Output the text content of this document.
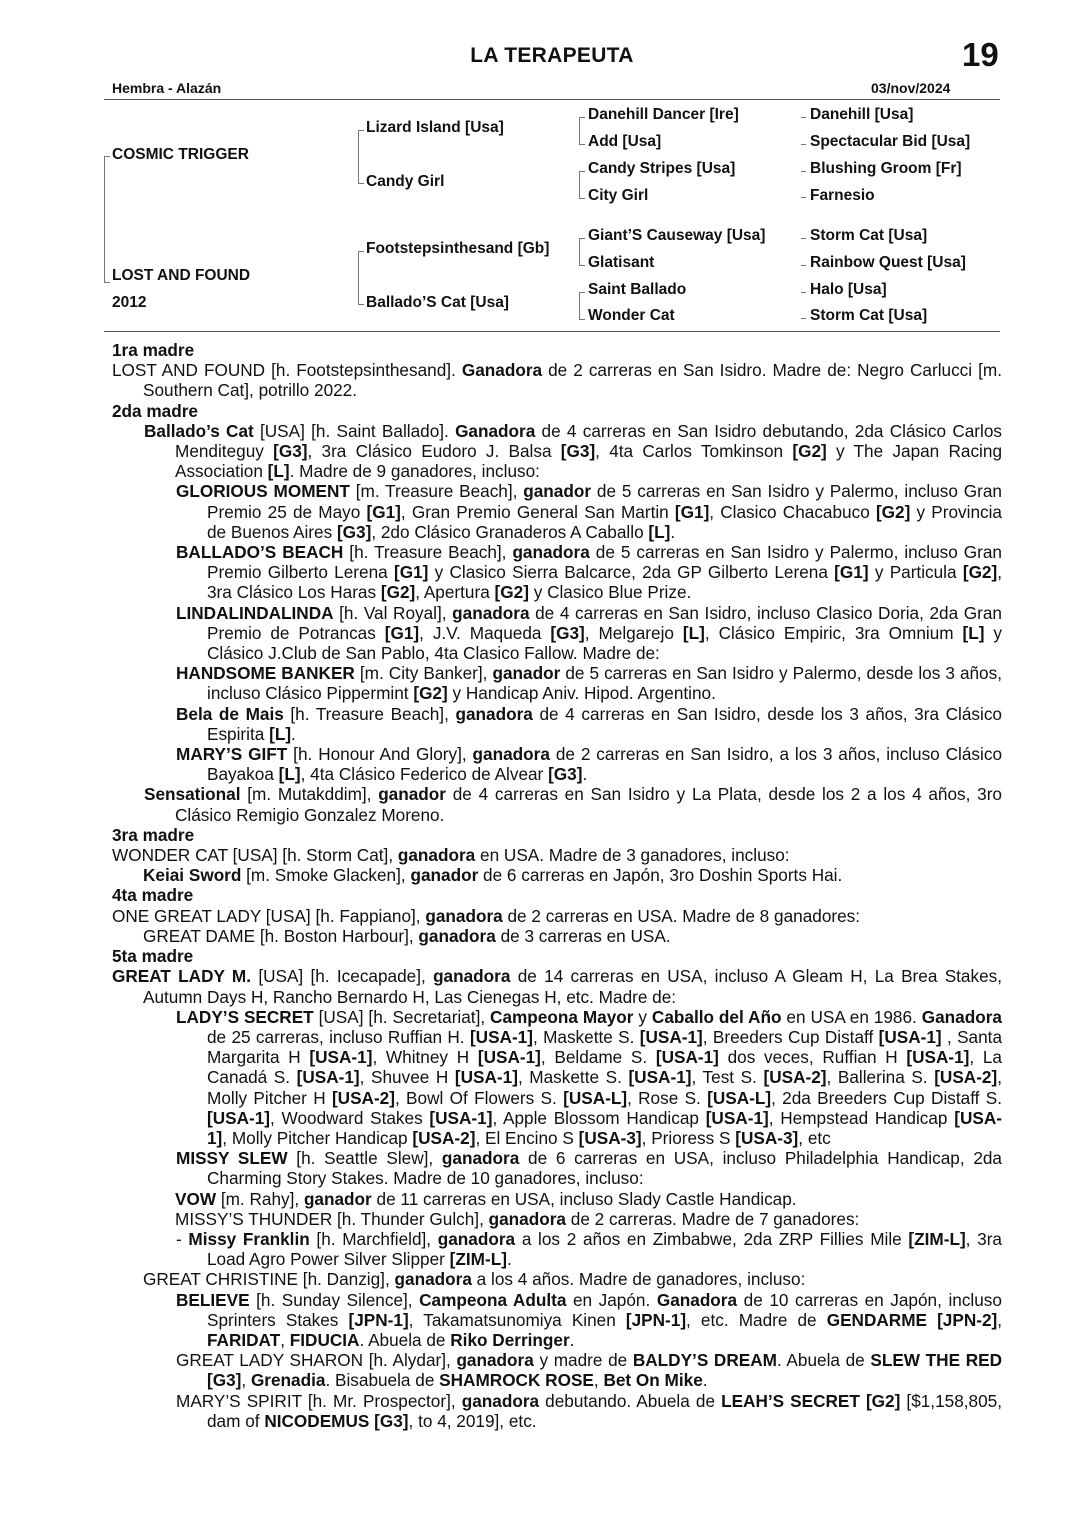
LA TERAPEUTA	19
Hembra - Alazán	03/nov/2024
COSMIC TRIGGER
LOST AND FOUND
2012
Lizard Island [Usa]
Candy Girl
Footstepsinthesand [Gb]
Ballado’S Cat [Usa]
Danehill Dancer [Ire]
Add [Usa]
Candy Stripes [Usa]
City Girl
Giant’S Causeway [Usa]
Glatisant
Saint Ballado
Wonder Cat
Danehill [Usa]
Spectacular Bid [Usa]
Blushing Groom [Fr]
Farnesio
Storm Cat [Usa]
Rainbow Quest [Usa]
Halo [Usa]
Storm Cat [Usa]

1ra madre

LOST AND FOUND [h. Footstepsinthesand]. Ganadora de 2 carreras en San Isidro. Madre de: Negro Carlucci [m. Southern Cat], potrillo 2022.

2da madre

Ballado’s Cat [USA] [h. Saint Ballado]. Ganadora de 4 carreras en San Isidro debutando, 2da Clásico Carlos Menditeguy [G3], 3ra Clásico Eudoro J. Balsa [G3], 4ta Carlos Tomkinson [G2] y The Japan Racing Association [L]. Madre de 9 ganadores, incluso:

GLORIOUS MOMENT [m. Treasure Beach], ganador de 5 carreras en San Isidro y Palermo, incluso Gran Premio 25 de Mayo [G1], Gran Premio General San Martin [G1], Clasico Chacabuco [G2] y Provincia de Buenos Aires [G3], 2do Clásico Granaderos A Caballo [L].

BALLADO’S BEACH [h. Treasure Beach], ganadora de 5 carreras en San Isidro y Palermo, incluso Gran Premio Gilberto Lerena [G1] y Clasico Sierra Balcarce, 2da GP Gilberto Lerena [G1] y Particula [G2], 3ra Clásico Los Haras [G2], Apertura [G2] y Clasico Blue Prize.

LINDALINDALINDA [h. Val Royal], ganadora de 4 carreras en San Isidro, incluso Clasico Doria, 2da Gran Premio de Potrancas [G1], J.V. Maqueda [G3], Melgarejo [L], Clásico Empiric, 3ra Omnium [L] y Clásico J.Club de San Pablo, 4ta Clasico Fallow. Madre de:

HANDSOME BANKER [m. City Banker], ganador de 5 carreras en San Isidro y Palermo, desde los 3 años, incluso Clásico Pippermint [G2] y Handicap Aniv. Hipod. Argentino.

Bela de Mais [h. Treasure Beach], ganadora de 4 carreras en San Isidro, desde los 3 años, 3ra Clásico Espirita [L].

MARY’S GIFT [h. Honour And Glory], ganadora de 2 carreras en San Isidro, a los 3 años, incluso Clásico Bayakoa [L], 4ta Clásico Federico de Alvear [G3].

Sensational [m. Mutakddim], ganador de 4 carreras en San Isidro y La Plata, desde los 2 a los 4 años, 3ro Clásico Remigio Gonzalez Moreno.

3ra madre

WONDER CAT [USA] [h. Storm Cat], ganadora en USA. Madre de 3 ganadores, incluso:

Keiai Sword [m. Smoke Glacken], ganador de 6 carreras en Japón, 3ro Doshin Sports Hai.

4ta madre

ONE GREAT LADY [USA] [h. Fappiano], ganadora de 2 carreras en USA. Madre de 8 ganadores:

GREAT DAME [h. Boston Harbour], ganadora de 3 carreras en USA.

5ta madre

GREAT LADY M. [USA] [h. Icecapade], ganadora de 14 carreras en USA, incluso A Gleam H, La Brea Stakes, Autumn Days H, Rancho Bernardo H, Las Cienegas H, etc. Madre de:

LADY’S SECRET [USA] [h. Secretariat], Campeona Mayor y Caballo del Año en USA en 1986. Ganadora de 25 carreras, incluso Ruffian H. [USA-1], Maskette S. [USA-1], Breeders Cup Distaff [USA-1] , Santa Margarita H [USA-1], Whitney H [USA-1], Beldame S. [USA-1] dos veces, Ruffian H [USA-1], La Canadá S. [USA-1], Shuvee H [USA-1], Maskette S. [USA-1], Test S. [USA-2], Ballerina S. [USA-2], Molly Pitcher H [USA-2], Bowl Of Flowers S. [USA-L], Rose S. [USA-L], 2da Breeders Cup Distaff S. [USA-1], Woodward Stakes [USA-1], Apple Blossom Handicap [USA-1], Hempstead Handicap [USA-1], Molly Pitcher Handicap [USA-2], El Encino S [USA-3], Prioress S [USA-3], etc

MISSY SLEW [h. Seattle Slew], ganadora de 6 carreras en USA, incluso Philadelphia Handicap, 2da Charming Story Stakes. Madre de 10 ganadores, incluso:

VOW [m. Rahy], ganador de 11 carreras en USA, incluso Slady Castle Handicap.

MISSY’S THUNDER [h. Thunder Gulch], ganadora de 2 carreras. Madre de 7 ganadores:

- Missy Franklin [h. Marchfield], ganadora a los 2 años en Zimbabwe, 2da ZRP Fillies Mile [ZIM-L], 3ra Load Agro Power Silver Slipper [ZIM-L].

GREAT CHRISTINE [h. Danzig], ganadora a los 4 años. Madre de ganadores, incluso:

BELIEVE [h. Sunday Silence], Campeona Adulta en Japón. Ganadora de 10 carreras en Japón, incluso Sprinters Stakes [JPN-1], Takamatsunomiya Kinen [JPN-1], etc. Madre de GENDARME [JPN-2], FARIDAT, FIDUCIA. Abuela de Riko Derringer.

GREAT LADY SHARON [h. Alydar], ganadora y madre de BALDY’S DREAM. Abuela de SLEW THE RED [G3], Grenadia. Bisabuela de SHAMROCK ROSE, Bet On Mike.

MARY’S SPIRIT [h. Mr. Prospector], ganadora debutando. Abuela de LEAH’S SECRET [G2] [$1,158,805, dam of NICODEMUS [G3], to 4, 2019], etc.
